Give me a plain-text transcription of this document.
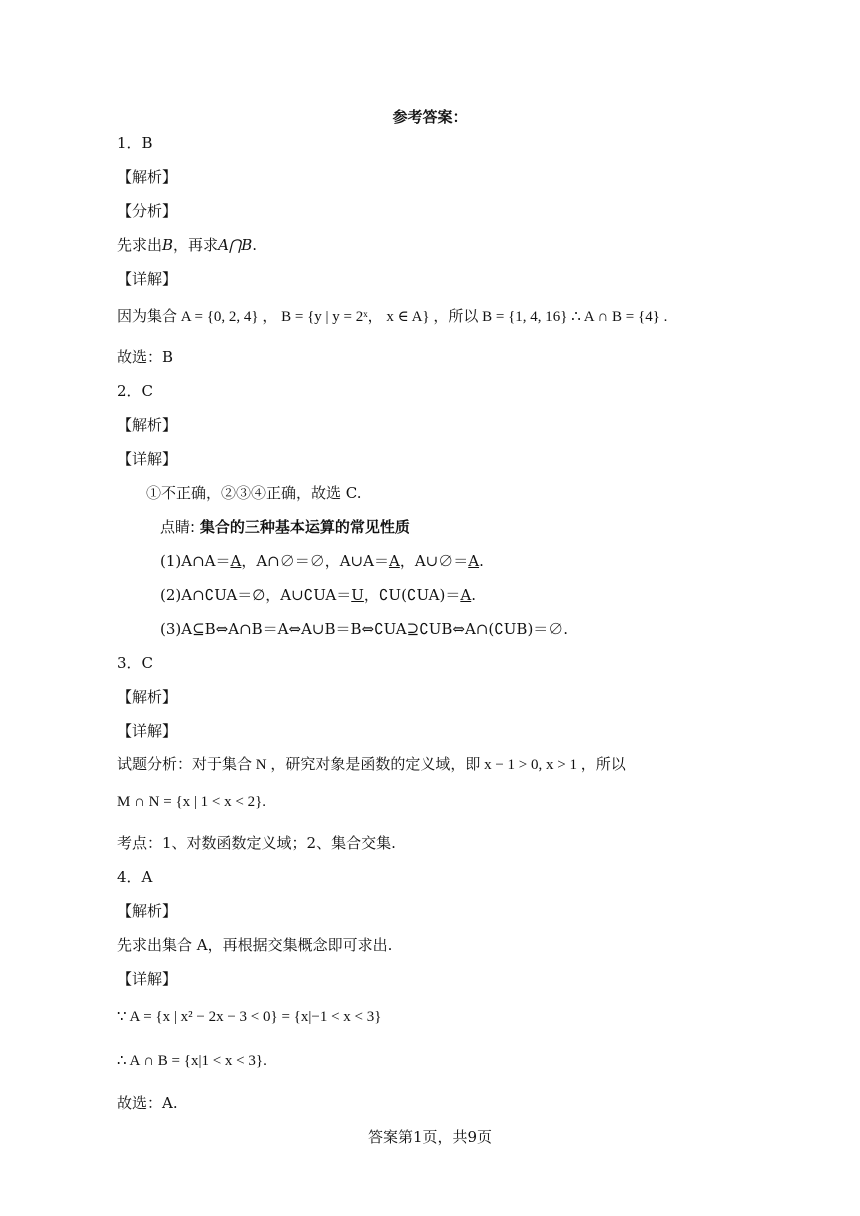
参考答案：
1．B
【解析】
【分析】
先求出B，再求A⋂B.
【详解】
因为集合 A = {0, 2, 4} ， B = {y | y = 2ˣ， x ∈ A} ，所以 B = {1, 4, 16} ∴ A ∩ B = {4} .
故选：B
2．C
【解析】
【详解】
①不正确，②③④正确，故选 C.
点睛: 集合的三种基本运算的常见性质
(1)A∩A＝A，A∩∅＝∅，A∪A＝A，A∪∅＝A.
(2)A∩∁UA＝∅，A∪∁UA＝U，∁U(∁UA)＝A.
(3)A⊆B⇔A∩B＝A⇔A∪B＝B⇔∁UA⊇∁UB⇔A∩(∁UB)＝∅.
3．C
【解析】
【详解】
试题分析：对于集合 N ，研究对象是函数的定义域，即 x − 1 > 0, x > 1 ，所以
M ∩ N = {x | 1 < x < 2}.
考点：1、对数函数定义域；2、集合交集.
4．A
【解析】
先求出集合 A，再根据交集概念即可求出.
【详解】
∵ A = {x | x² − 2x − 3 < 0} = {x|−1 < x < 3}
∴ A ∩ B = {x|1 < x < 3}.
故选：A.
答案第1页，共9页
